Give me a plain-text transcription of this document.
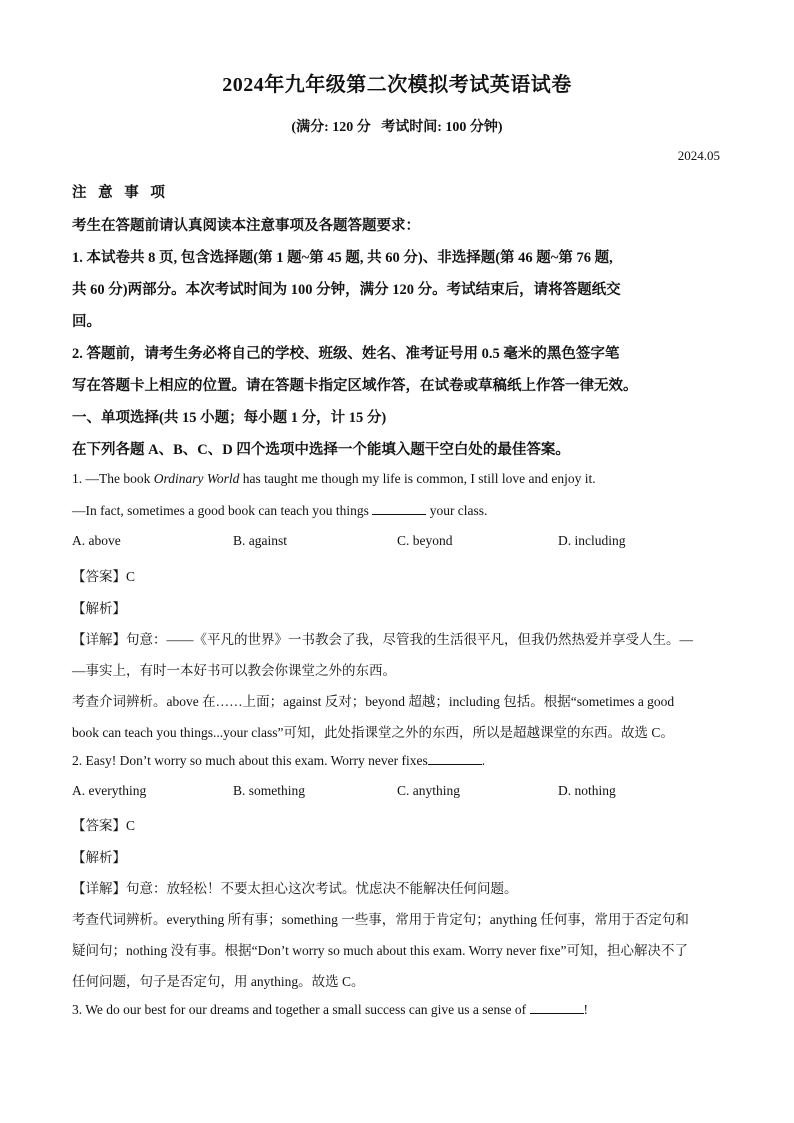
2024年九年级第二次模拟考试英语试卷
(满分: 120 分   考试时间: 100 分钟)
2024.05
注 意 事 项
考生在答题前请认真阅读本注意事项及各题答题要求：
1. 本试卷共 8 页, 包含选择题(第 1 题~第 45 题, 共 60 分)、非选择题(第 46 题~第 76 题,
共 60 分)两部分。本次考试时间为 100 分钟，满分 120 分。考试结束后，请将答题纸交
回。
2. 答题前，请考生务必将自己的学校、班级、姓名、准考证号用 0.5 毫米的黑色签字笔
写在答题卡上相应的位置。请在答题卡指定区域作答，在试卷或草稿纸上作答一律无效。
一、单项选择(共 15 小题；每小题 1 分，计 15 分)
在下列各题 A、B、C、D 四个选项中选择一个能填入题干空白处的最佳答案。
1. —The book Ordinary World has taught me though my life is common, I still love and enjoy it.
—In fact, sometimes a good book can teach you things	your class.
A. above	B. against	C. beyond	D. including
【答案】C
【解析】
【详解】句意：——《平凡的世界》一书教会了我，尽管我的生活很平凡，但我仍然热爱并享受人生。—
—事实上，有时一本好书可以教会你课堂之外的东西。
考查介词辨析。above 在……上面；against 反对；beyond 超越；including 包括。根据“sometimes a good
book can teach you things...your class”可知，此处指课堂之外的东西，所以是超越课堂的东西。故选 C。
2. Easy! Don’t worry so much about this exam. Worry never fixes	.
A. everything	B. something	C. anything	D. nothing
【答案】C
【解析】
【详解】句意：放轻松！不要太担心这次考试。忧虑决不能解决任何问题。
考查代词辨析。everything 所有事；something 一些事，常用于肯定句；anything 任何事，常用于否定句和
疑问句；nothing 没有事。根据“Don’t worry so much about this exam. Worry never fixe”可知，担心解决不了
任何问题，句子是否定句，用 anything。故选 C。
3. We do our best for our dreams and together a small success can give us a sense of	!
